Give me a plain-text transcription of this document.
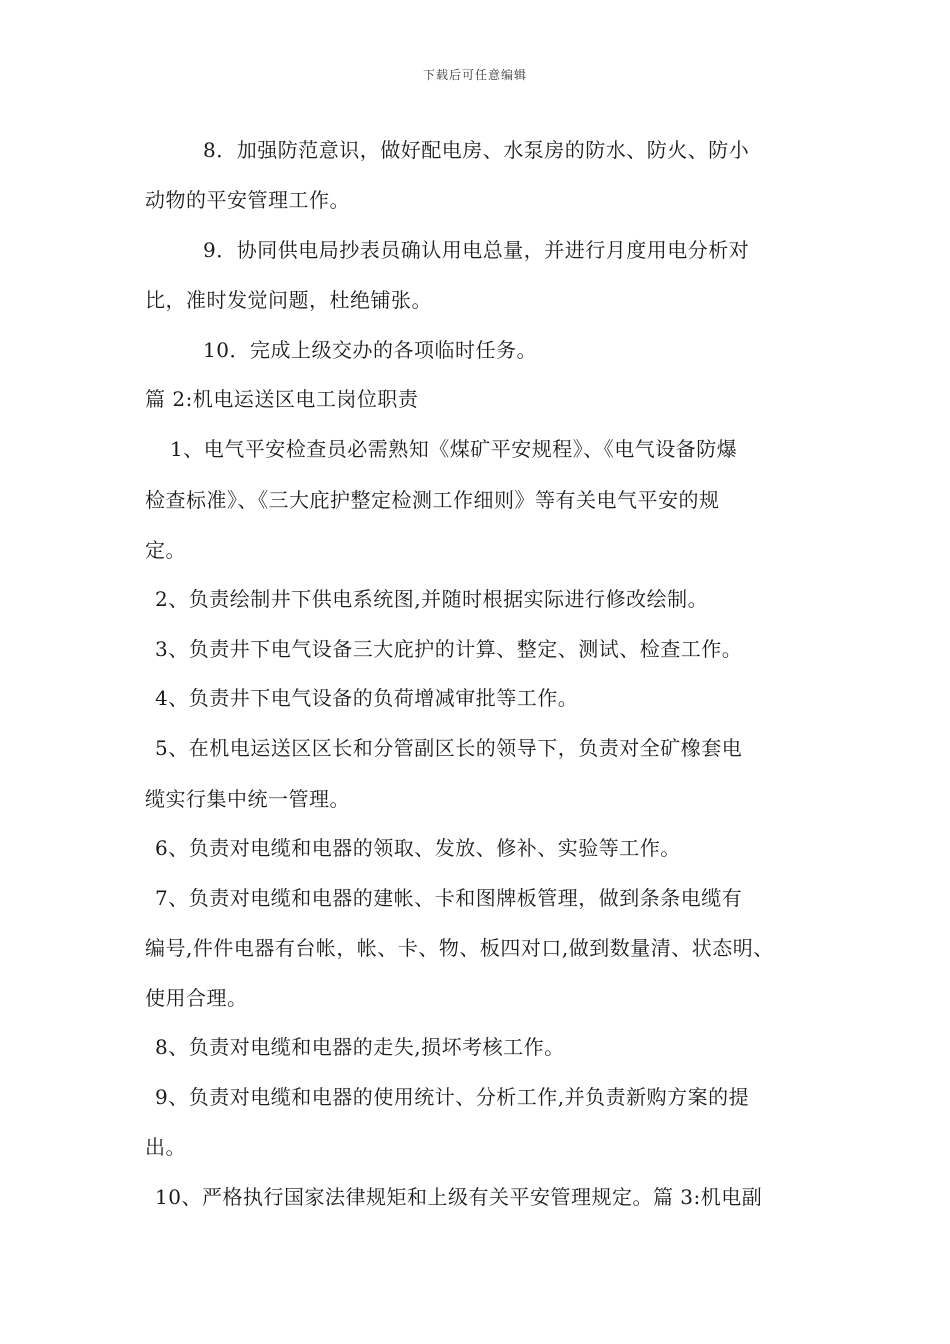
下载后可任意编辑
8．加强防范意识，做好配电房、水泵房的防水、防火、防小
动物的平安管理工作。
9．协同供电局抄表员确认用电总量，并进行月度用电分析对
比，准时发觉问题，杜绝铺张。
10．完成上级交办的各项临时任务。
篇 2:机电运送区电工岗位职责
1、电气平安检查员必需熟知《煤矿平安规程》、《电气设备防爆
检查标准》、《三大庇护整定检测工作细则》等有关电气平安的规
定。
2、负责绘制井下供电系统图,并随时根据实际进行修改绘制。
3、负责井下电气设备三大庇护的计算、整定、测试、检查工作。
4、负责井下电气设备的负荷增减审批等工作。
5、在机电运送区区长和分管副区长的领导下，负责对全矿橡套电
缆实行集中统一管理。
6、负责对电缆和电器的领取、发放、修补、实验等工作。
7、负责对电缆和电器的建帐、卡和图牌板管理，做到条条电缆有
编号,件件电器有台帐，帐、卡、物、板四对口,做到数量清、状态明、
使用合理。
8、负责对电缆和电器的走失,损坏考核工作。
9、负责对电缆和电器的使用统计、分析工作,并负责新购方案的提
出。
10、严格执行国家法律规矩和上级有关平安管理规定。篇 3:机电副
